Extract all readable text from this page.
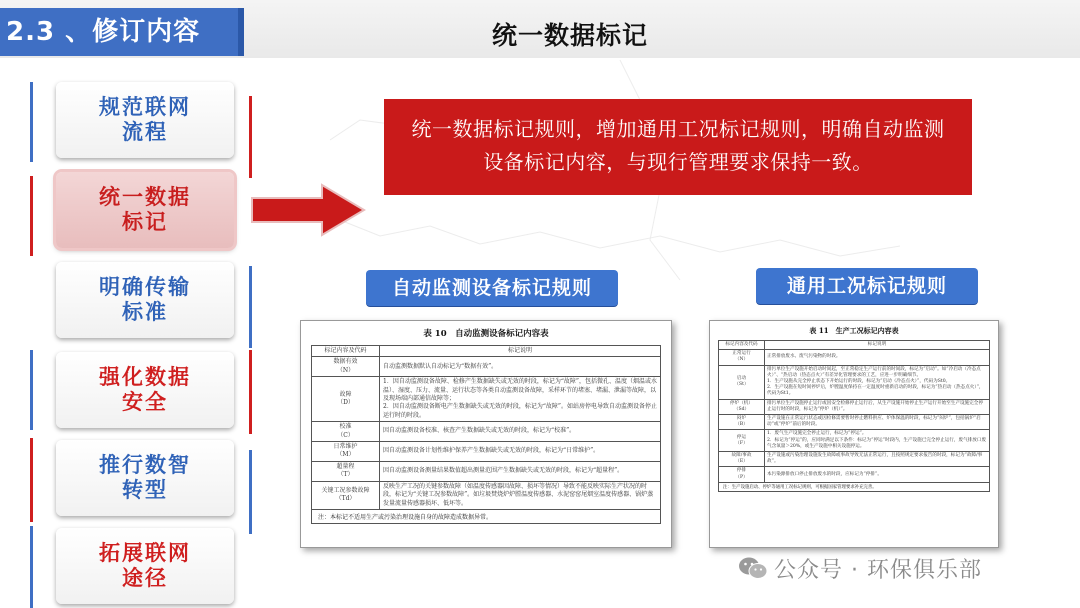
2.3 、修订内容	统一数据标记
规范联网流程
统一数据标记
明确传输标准
强化数据安全
推行数智转型
拓展联网途径
统一数据标记规则，增加通用工况标记规则，明确自动监测
设备标记内容，与现行管理要求保持一致。
自动监测设备标记规则	通用工况标记规则
表 10　自动监测设备标记内容表
标记内容及代码	标记说明
数据有效
（N）	自动监测数据默认自动标记为“数据有效”。
故障
（D）	1．因自动监测设备故障、检修产生数据缺失或无效的时段，标记为“故障”，包括微孔、温度（烟温或水温）、湿度、压力、流量、运行状态等各类自动监测设备故障，采样环节的堵塞、堵漏、泄漏等故障，以及现场端内部通信故障等；
2．因自动监测设备断电产生数据缺失或无效的时段，标记为“故障”。如站房停电导致自动监测设备停止运行时的时段。
校准
（C）	因自动监测设备校准、核查产生数据缺失或无效的时段，标记为“校准”。
日常维护
（M）	因自动监测设备计划性维护保养产生数据缺失或无效的时段，标记为“日常维护”。
超量程
（T）	因自动监测设备测量结果数值超出测量范围产生数据缺失或无效的时段，标记为“超量程”。
关键工况参数故障
（Td）	反映生产工况的关键参数故障（如温度传感器因故障、损坏等情况）导致不能反映实际生产状况的时段，标记为“关键工况参数故障”。如垃圾焚烧炉炉膛温度传感器、水泥窑窑尾烟室温度传感器、锅炉蒸发量流量传感器损坏、低坏等。
注：本标记不适用生产或污染治理设施自身的故障造成数据异常。
表 11　生产工况标记内容表
标记内容及代码	标记说明
正常运行
（N）	正常排放废水、废气污染物的时段。
启动
（St）	排污单位生产设施开始启动时间起，至正常稳定生产运行前的时间段，标记为“启动”。如“冷启动（冷态点火）”、“热启动（热态点火）”有差异化管理要求的工艺，应进一步明确细节。
1．生产设施从完全停止状态下开始运行的时段，标记为“启动（冷态点火）”，代码为St0。
2．生产设施在短时间停炉后，炉膛温度保持在一定温度时重新启动的时段，标记为“热启动（热态点火）”，代码为St1。
停炉（机）
（Sd）	排污单位生产设施停止运行或因安全检修停止运行后，从生产设施开始停止生产运行开始至生产设施完全停止运行时的时段，标记为“停炉（机）”。
闷炉
（B）	生产设施在正常运行状态或因检修需要暂时停止燃料供应、炉体保温的时段，标记为“闷炉”，包括锅炉“启动”或“停炉”前后的时段。
停运
（F）	1．废气生产设施完全停止运行，标记为“停运”。
2．标记为“停运”的，应同时满足以下条件：标记为“停运”时段内，生产设施已完全停止运行，废气排放口废气含氧量＞20%，或生产设施中相关设施停运。
故障/事故
（E）	生产设施或污染治理设施发生故障或事故导致无法正常运行，且按照规定要求报告的时段，标记为“故障/事故”。
停排
（P）	本污染源排放口停止排放废水的时段，应标记为“停排”。
注：生产设施启动、停炉等通用工况标记规则，可根据国家管理要求补充完善。
公众号 · 环保俱乐部
